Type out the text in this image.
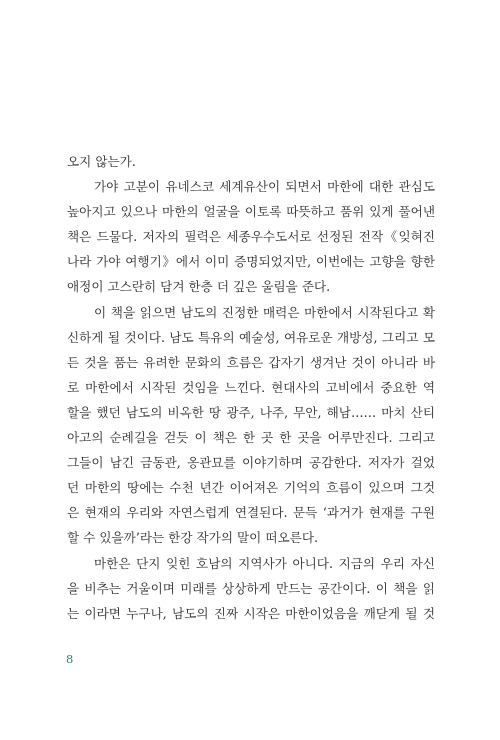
오지 않는가.
가야 고분이 유네스코 세계유산이 되면서 마한에 대한 관심도
높아지고 있으나 마한의 얼굴을 이토록 따뜻하고 품위 있게 풀어낸
책은 드물다. 저자의 필력은 세종우수도서로 선정된 전작《잊혀진
나라 가야 여행기》에서 이미 증명되었지만, 이번에는 고향을 향한
애정이 고스란히 담겨 한층 더 깊은 울림을 준다.
이 책을 읽으면 남도의 진정한 매력은 마한에서 시작된다고 확
신하게 될 것이다. 남도 특유의 예술성, 여유로운 개방성, 그리고 모
든 것을 품는 유려한 문화의 흐름은 갑자기 생겨난 것이 아니라 바
로 마한에서 시작된 것임을 느낀다. 현대사의 고비에서 중요한 역
할을 했던 남도의 비옥한 땅 광주, 나주, 무안, 해남…… 마치 산티
아고의 순례길을 걷듯 이 책은 한 곳 한 곳을 어루만진다. 그리고
그들이 남긴 금동관, 옹관묘를 이야기하며 공감한다. 저자가 걸었
던 마한의 땅에는 수천 년간 이어져온 기억의 흐름이 있으며 그것
은 현재의 우리와 자연스럽게 연결된다. 문득 ‘과거가 현재를 구원
할 수 있을까’라는 한강 작가의 말이 떠오른다.
마한은 단지 잊힌 호남의 지역사가 아니다. 지금의 우리 자신
을 비추는 거울이며 미래를 상상하게 만드는 공간이다. 이 책을 읽
는 이라면 누구나, 남도의 진짜 시작은 마한이었음을 깨닫게 될 것
8
